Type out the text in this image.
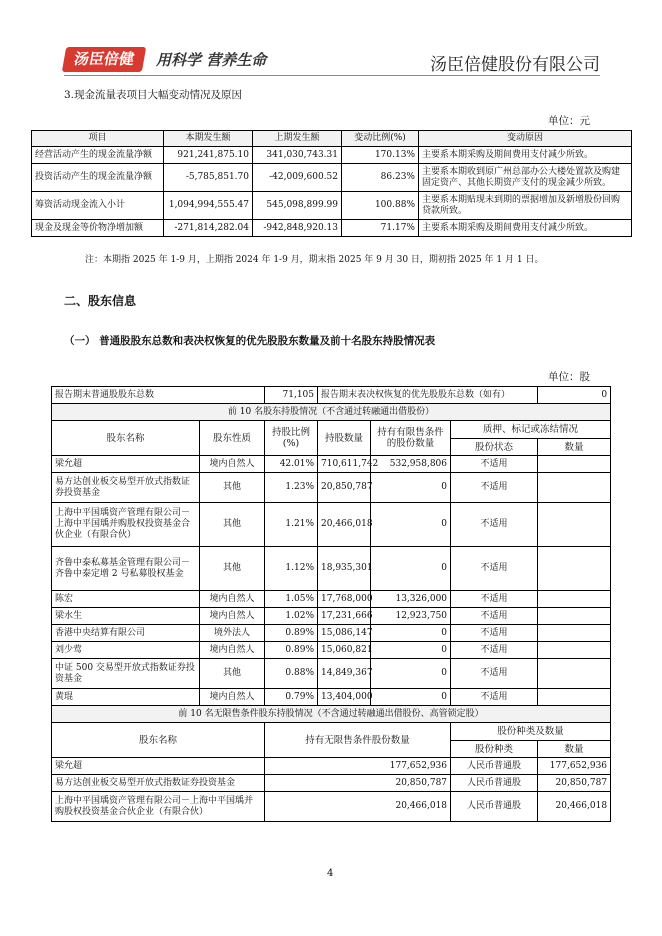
汤臣倍健	用科学 营养生命	汤臣倍健股份有限公司
3.现金流量表项目大幅变动情况及原因
单位：元
项目	本期发生额	上期发生额	变动比例(%)	变动原因
经营活动产生的现金流量净额	921,241,875.10	341,030,743.31	170.13%	主要系本期采购及期间费用支付减少所致。
投资活动产生的现金流量净额	-5,785,851.70	-42,009,600.52	86.23%	主要系本期收到原广州总部办公大楼处置款及购建固定资产、其他长期资产支付的现金减少所致。
筹资活动现金流入小计	1,094,994,555.47	545,098,899.99	100.88%	主要系本期贴现未到期的票据增加及新增股份回购贷款所致。
现金及现金等价物净增加额	-271,814,282.04	-942,848,920.13	71.17%	主要系本期采购及期间费用支付减少所致。
注：本期指 2025 年 1-9 月，上期指 2024 年 1-9 月，期末指 2025 年 9 月 30 日，期初指 2025 年 1 月 1 日。
二、股东信息
（一） 普通股股东总数和表决权恢复的优先股股东数量及前十名股东持股情况表
单位：股
报告期末普通股股东总数		71,105	报告期末表决权恢复的优先股股东总数（如有）			0
前 10 名股东持股情况（不含通过转融通出借股份）						
股东名称	股东性质	持股比例(%)	持股数量	持有有限售条件的股份数量	质押、标记或冻结情况	
					股份状态	数量
梁允超	境内自然人	42.01%	710,611,742	532,958,806	不适用	
易方达创业板交易型开放式指数证券投资基金	其他	1.23%	20,850,787	0	不适用	
上海中平国瑀资产管理有限公司－上海中平国瑀并购股权投资基金合伙企业（有限合伙）	其他	1.21%	20,466,018	0	不适用	
齐鲁中泰私募基金管理有限公司－齐鲁中泰定增 2 号私募股权基金	其他	1.12%	18,935,301	0	不适用	
陈宏	境内自然人	1.05%	17,768,000	13,326,000	不适用	
梁水生	境内自然人	1.02%	17,231,666	12,923,750	不适用	
香港中央结算有限公司	境外法人	0.89%	15,086,147	0	不适用	
刘少莺	境内自然人	0.89%	15,060,821	0	不适用	
中证 500 交易型开放式指数证券投资基金	其他	0.88%	14,849,367	0	不适用	
黄琨	境内自然人	0.79%	13,404,000	0	不适用	
前 10 名无限售条件股东持股情况（不含通过转融通出借股份、高管锁定股）						
股东名称		持有无限售条件股份数量			股份种类及数量	
					股份种类	数量
梁允超		177,652,936			人民币普通股	177,652,936
易方达创业板交易型开放式指数证券投资基金		20,850,787			人民币普通股	20,850,787
上海中平国瑀资产管理有限公司－上海中平国瑀并购股权投资基金合伙企业（有限合伙）		20,466,018			人民币普通股	20,466,018
4
